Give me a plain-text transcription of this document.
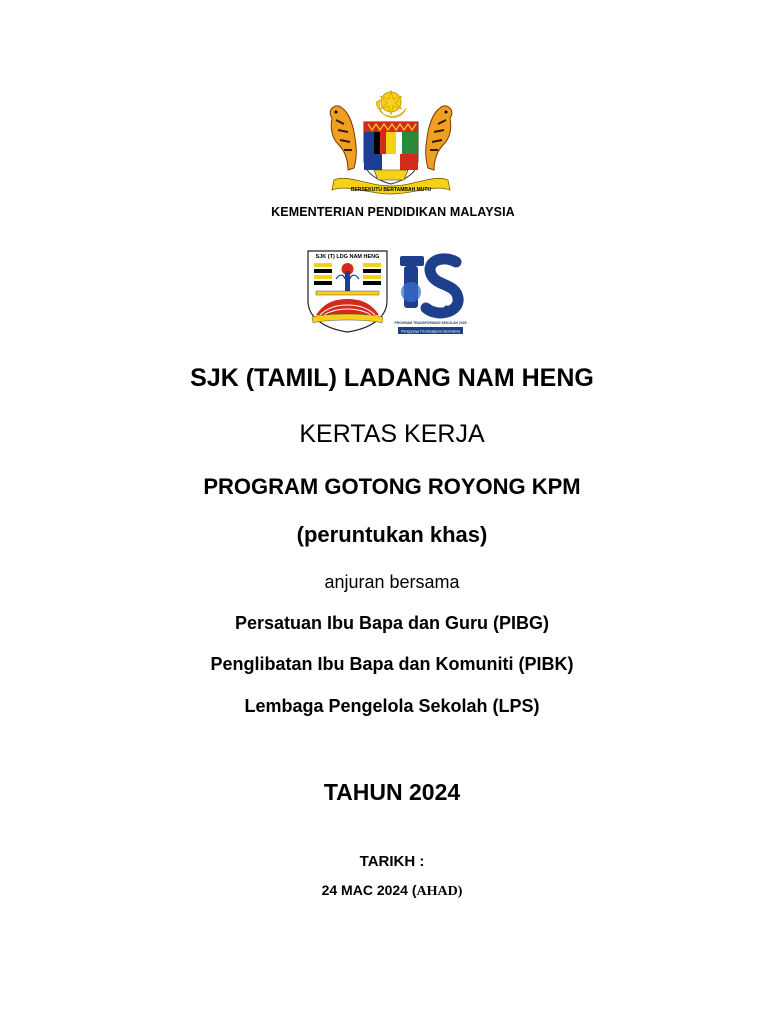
BERSEKUTU BERTAMBAH MUTU
KEMENTERIAN PENDIDIKAN MALAYSIA
SJK (T) LDG NAM HENG
25
PROGRAM TRANSFORMASI SEKOLAH 2025
Pengupaya Pembelajaran Bermakna
SJK (TAMIL) LADANG NAM HENG
KERTAS KERJA
PROGRAM GOTONG ROYONG KPM
(peruntukan khas)
anjuran bersama
Persatuan Ibu Bapa dan Guru (PIBG)
Penglibatan Ibu Bapa dan Komuniti (PIBK)
Lembaga Pengelola Sekolah (LPS)
TAHUN 2024
TARIKH :
24 MAC 2024 (AHAD)
